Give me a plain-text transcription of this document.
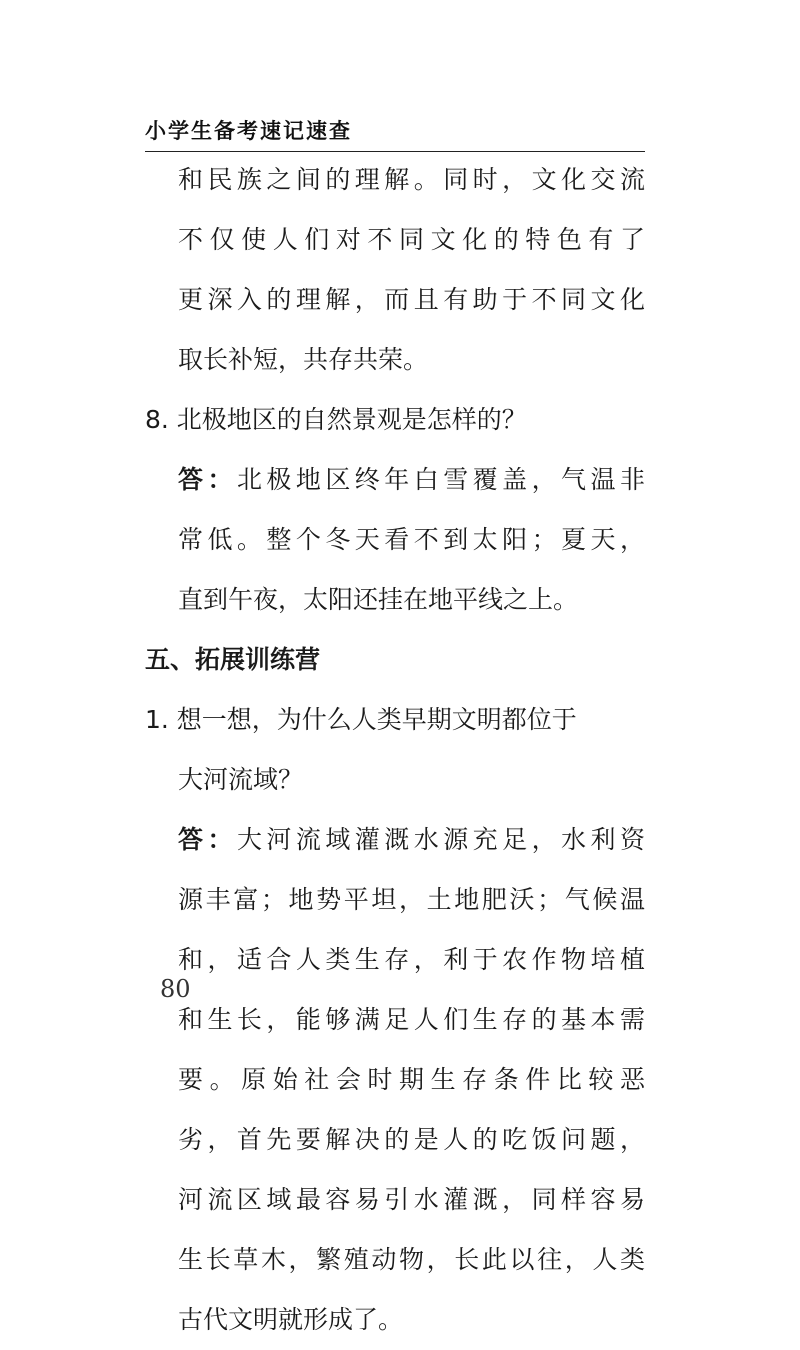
小学生备考速记速查
和民族之间的理解。同时，文化交流
不仅使人们对不同文化的特色有了
更深入的理解，而且有助于不同文化
取长补短，共存共荣。
8. 北极地区的自然景观是怎样的？
答：北极地区终年白雪覆盖，气温非
常低。整个冬天看不到太阳；夏天，
直到午夜，太阳还挂在地平线之上。
五、拓展训练营
1. 想一想，为什么人类早期文明都位于
大河流域？
答：大河流域灌溉水源充足，水利资
源丰富；地势平坦，土地肥沃；气候温
和，适合人类生存，利于农作物培植
和生长，能够满足人们生存的基本需
要。原始社会时期生存条件比较恶
劣，首先要解决的是人的吃饭问题，
河流区域最容易引水灌溉，同样容易
生长草木，繁殖动物，长此以往，人类
古代文明就形成了。
80
